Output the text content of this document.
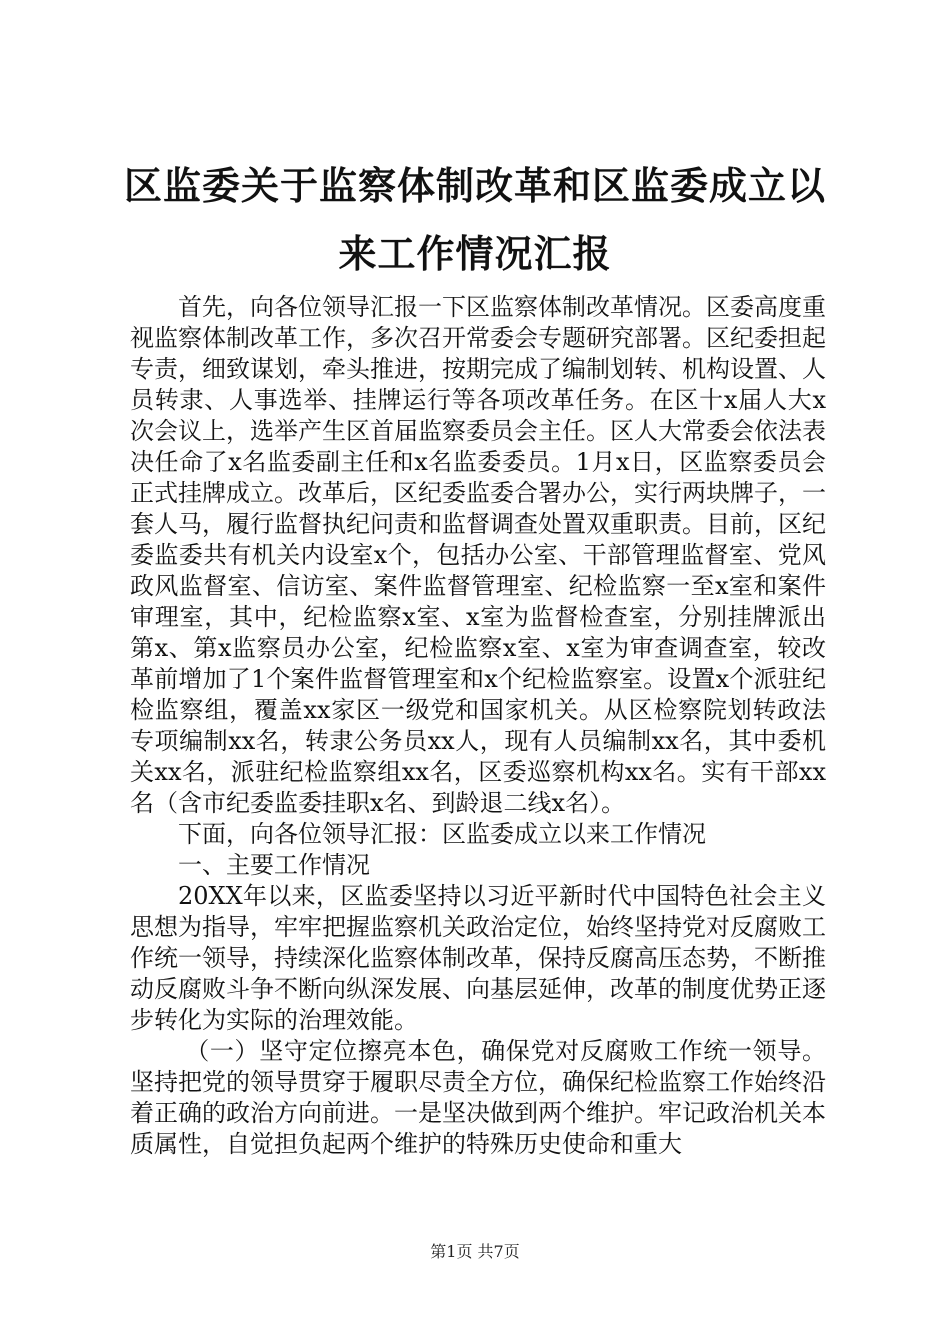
区监委关于监察体制改革和区监委成立以来工作情况汇报

首先，向各位领导汇报一下区监察体制改革情况。区委高度重视监察体制改革工作，多次召开常委会专题研究部署。区纪委担起专责，细致谋划，牵头推进，按期完成了编制划转、机构设置、人员转隶、人事选举、挂牌运行等各项改革任务。在区十x届人大x次会议上，选举产生区首届监察委员会主任。区人大常委会依法表决任命了x名监委副主任和x名监委委员。1月x日，区监察委员会正式挂牌成立。改革后，区纪委监委合署办公，实行两块牌子，一套人马，履行监督执纪问责和监督调查处置双重职责。目前，区纪委监委共有机关内设室x个，包括办公室、干部管理监督室、党风政风监督室、信访室、案件监督管理室、纪检监察一至x室和案件审理室，其中，纪检监察x室、x室为监督检查室，分别挂牌派出第x、第x监察员办公室，纪检监察x室、x室为审查调查室，较改革前增加了1个案件监督管理室和x个纪检监察室。设置x个派驻纪检监察组，覆盖xx家区一级党和国家机关。从区检察院划转政法专项编制xx名，转隶公务员xx人，现有人员编制xx名，其中委机关xx名，派驻纪检监察组xx名，区委巡察机构xx名。实有干部xx名（含市纪委监委挂职x名、到龄退二线x名）。

下面，向各位领导汇报：区监委成立以来工作情况

一、主要工作情况

20XX年以来，区监委坚持以习近平新时代中国特色社会主义思想为指导，牢牢把握监察机关政治定位，始终坚持党对反腐败工作统一领导，持续深化监察体制改革，保持反腐高压态势，不断推动反腐败斗争不断向纵深发展、向基层延伸，改革的制度优势正逐步转化为实际的治理效能。

（一）坚守定位擦亮本色，确保党对反腐败工作统一领导。坚持把党的领导贯穿于履职尽责全方位，确保纪检监察工作始终沿着正确的政治方向前进。一是坚决做到两个维护。牢记政治机关本质属性，自觉担负起两个维护的特殊历史使命和重大

第1页 共7页
